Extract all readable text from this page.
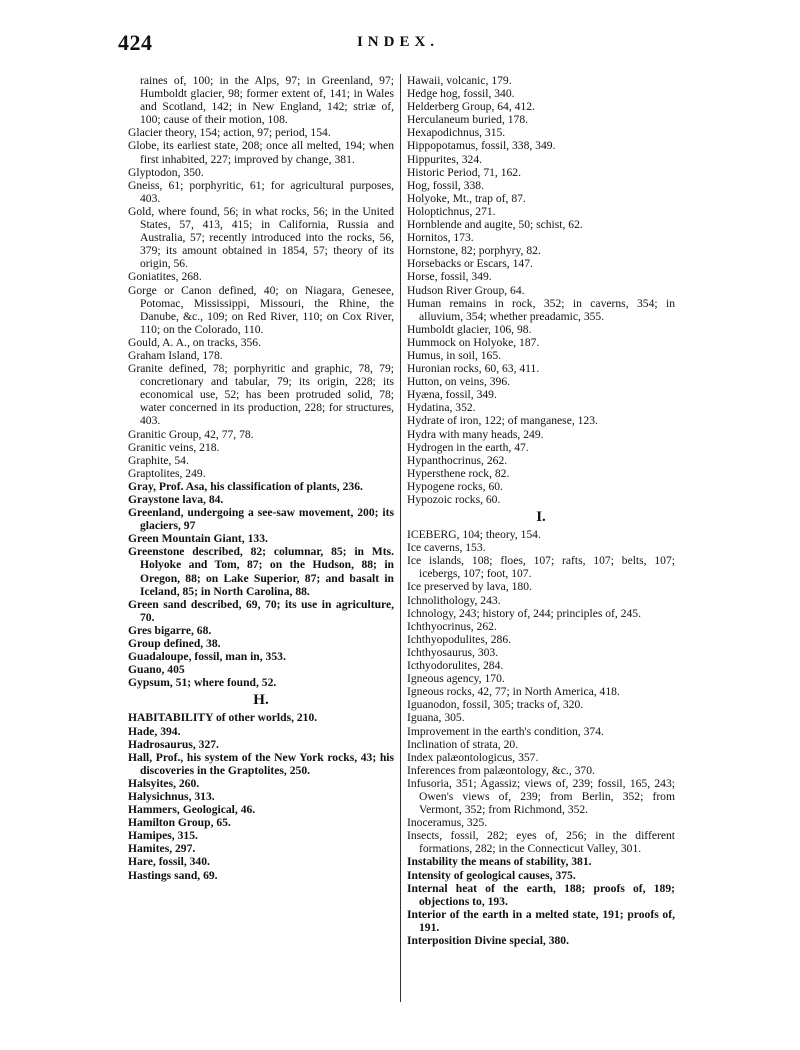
424	INDEX.

raines of, 100; in the Alps, 97; in Greenland, 97; Humboldt glacier, 98; former extent of, 141; in Wales and Scotland, 142; in New England, 142; striæ of, 100; cause of their motion, 108.

Glacier theory, 154; action, 97; period, 154.

Globe, its earliest state, 208; once all melted, 194; when first inhabited, 227; improved by change, 381.

Glyptodon, 350.

Gneiss, 61; porphyritic, 61; for agricultural purposes, 403.

Gold, where found, 56; in what rocks, 56; in the United States, 57, 413, 415; in California, Russia and Australia, 57; recently introduced into the rocks, 56, 379; its amount obtained in 1854, 57; theory of its origin, 56.

Goniatites, 268.

Gorge or Canon defined, 40; on Niagara, Genesee, Potomac, Mississippi, Missouri, the Rhine, the Danube, &c., 109; on Red River, 110; on Cox River, 110; on the Colorado, 110.

Gould, A. A., on tracks, 356.

Graham Island, 178.

Granite defined, 78; porphyritic and graphic, 78, 79; concretionary and tabular, 79; its origin, 228; its economical use, 52; has been protruded solid, 78; water concerned in its production, 228; for structures, 403.

Granitic Group, 42, 77, 78.

Granitic veins, 218.

Graphite, 54.

Graptolites, 249.

Gray, Prof. Asa, his classification of plants, 236.

Graystone lava, 84.

Greenland, undergoing a see-saw movement, 200; its glaciers, 97

Green Mountain Giant, 133.

Greenstone described, 82; columnar, 85; in Mts. Holyoke and Tom, 87; on the Hudson, 88; in Oregon, 88; on Lake Superior, 87; and basalt in Iceland, 85; in North Carolina, 88.

Green sand described, 69, 70; its use in agriculture, 70.

Gres bigarre, 68.

Group defined, 38.

Guadaloupe, fossil, man in, 353.

Guano, 405

Gypsum, 51; where found, 52.

H.

HABITABILITY of other worlds, 210.

Hade, 394.

Hadrosaurus, 327.

Hall, Prof., his system of the New York rocks, 43; his discoveries in the Graptolites, 250.

Halsyites, 260.

Halysichnus, 313.

Hammers, Geological, 46.

Hamilton Group, 65.

Hamipes, 315.

Hamites, 297.

Hare, fossil, 340.

Hastings sand, 69.

Hawaii, volcanic, 179.

Hedge hog, fossil, 340.

Helderberg Group, 64, 412.

Herculaneum buried, 178.

Hexapodichnus, 315.

Hippopotamus, fossil, 338, 349.

Hippurites, 324.

Historic Period, 71, 162.

Hog, fossil, 338.

Holyoke, Mt., trap of, 87.

Holoptichnus, 271.

Hornblende and augite, 50; schist, 62.

Hornitos, 173.

Hornstone, 82; porphyry, 82.

Horsebacks or Escars, 147.

Horse, fossil, 349.

Hudson River Group, 64.

Human remains in rock, 352; in caverns, 354; in alluvium, 354; whether preadamic, 355.

Humboldt glacier, 106, 98.

Hummock on Holyoke, 187.

Humus, in soil, 165.

Huronian rocks, 60, 63, 411.

Hutton, on veins, 396.

Hyæna, fossil, 349.

Hydatina, 352.

Hydrate of iron, 122; of manganese, 123.

Hydra with many heads, 249.

Hydrogen in the earth, 47.

Hypanthocrinus, 262.

Hypersthene rock, 82.

Hypogene rocks, 60.

Hypozoic rocks, 60.

I.

ICEBERG, 104; theory, 154.

Ice caverns, 153.

Ice islands, 108; floes, 107; rafts, 107; belts, 107; icebergs, 107; foot, 107.

Ice preserved by lava, 180.

Ichnolithology, 243.

Ichnology, 243; history of, 244; principles of, 245.

Ichthyocrinus, 262.

Ichthyopodulites, 286.

Ichthyosaurus, 303.

Icthyodorulites, 284.

Igneous agency, 170.

Igneous rocks, 42, 77; in North America, 418.

Iguanodon, fossil, 305; tracks of, 320.

Iguana, 305.

Improvement in the earth's condition, 374.

Inclination of strata, 20.

Index palæontologicus, 357.

Inferences from palæontology, &c., 370.

Infusoria, 351; Agassiz; views of, 239; fossil, 165, 243; Owen's views of, 239; from Berlin, 352; from Vermont, 352; from Richmond, 352.

Inoceramus, 325.

Insects, fossil, 282; eyes of, 256; in the different formations, 282; in the Connecticut Valley, 301.

Instability the means of stability, 381.

Intensity of geological causes, 375.

Internal heat of the earth, 188; proofs of, 189; objections to, 193.

Interior of the earth in a melted state, 191; proofs of, 191.

Interposition Divine special, 380.
